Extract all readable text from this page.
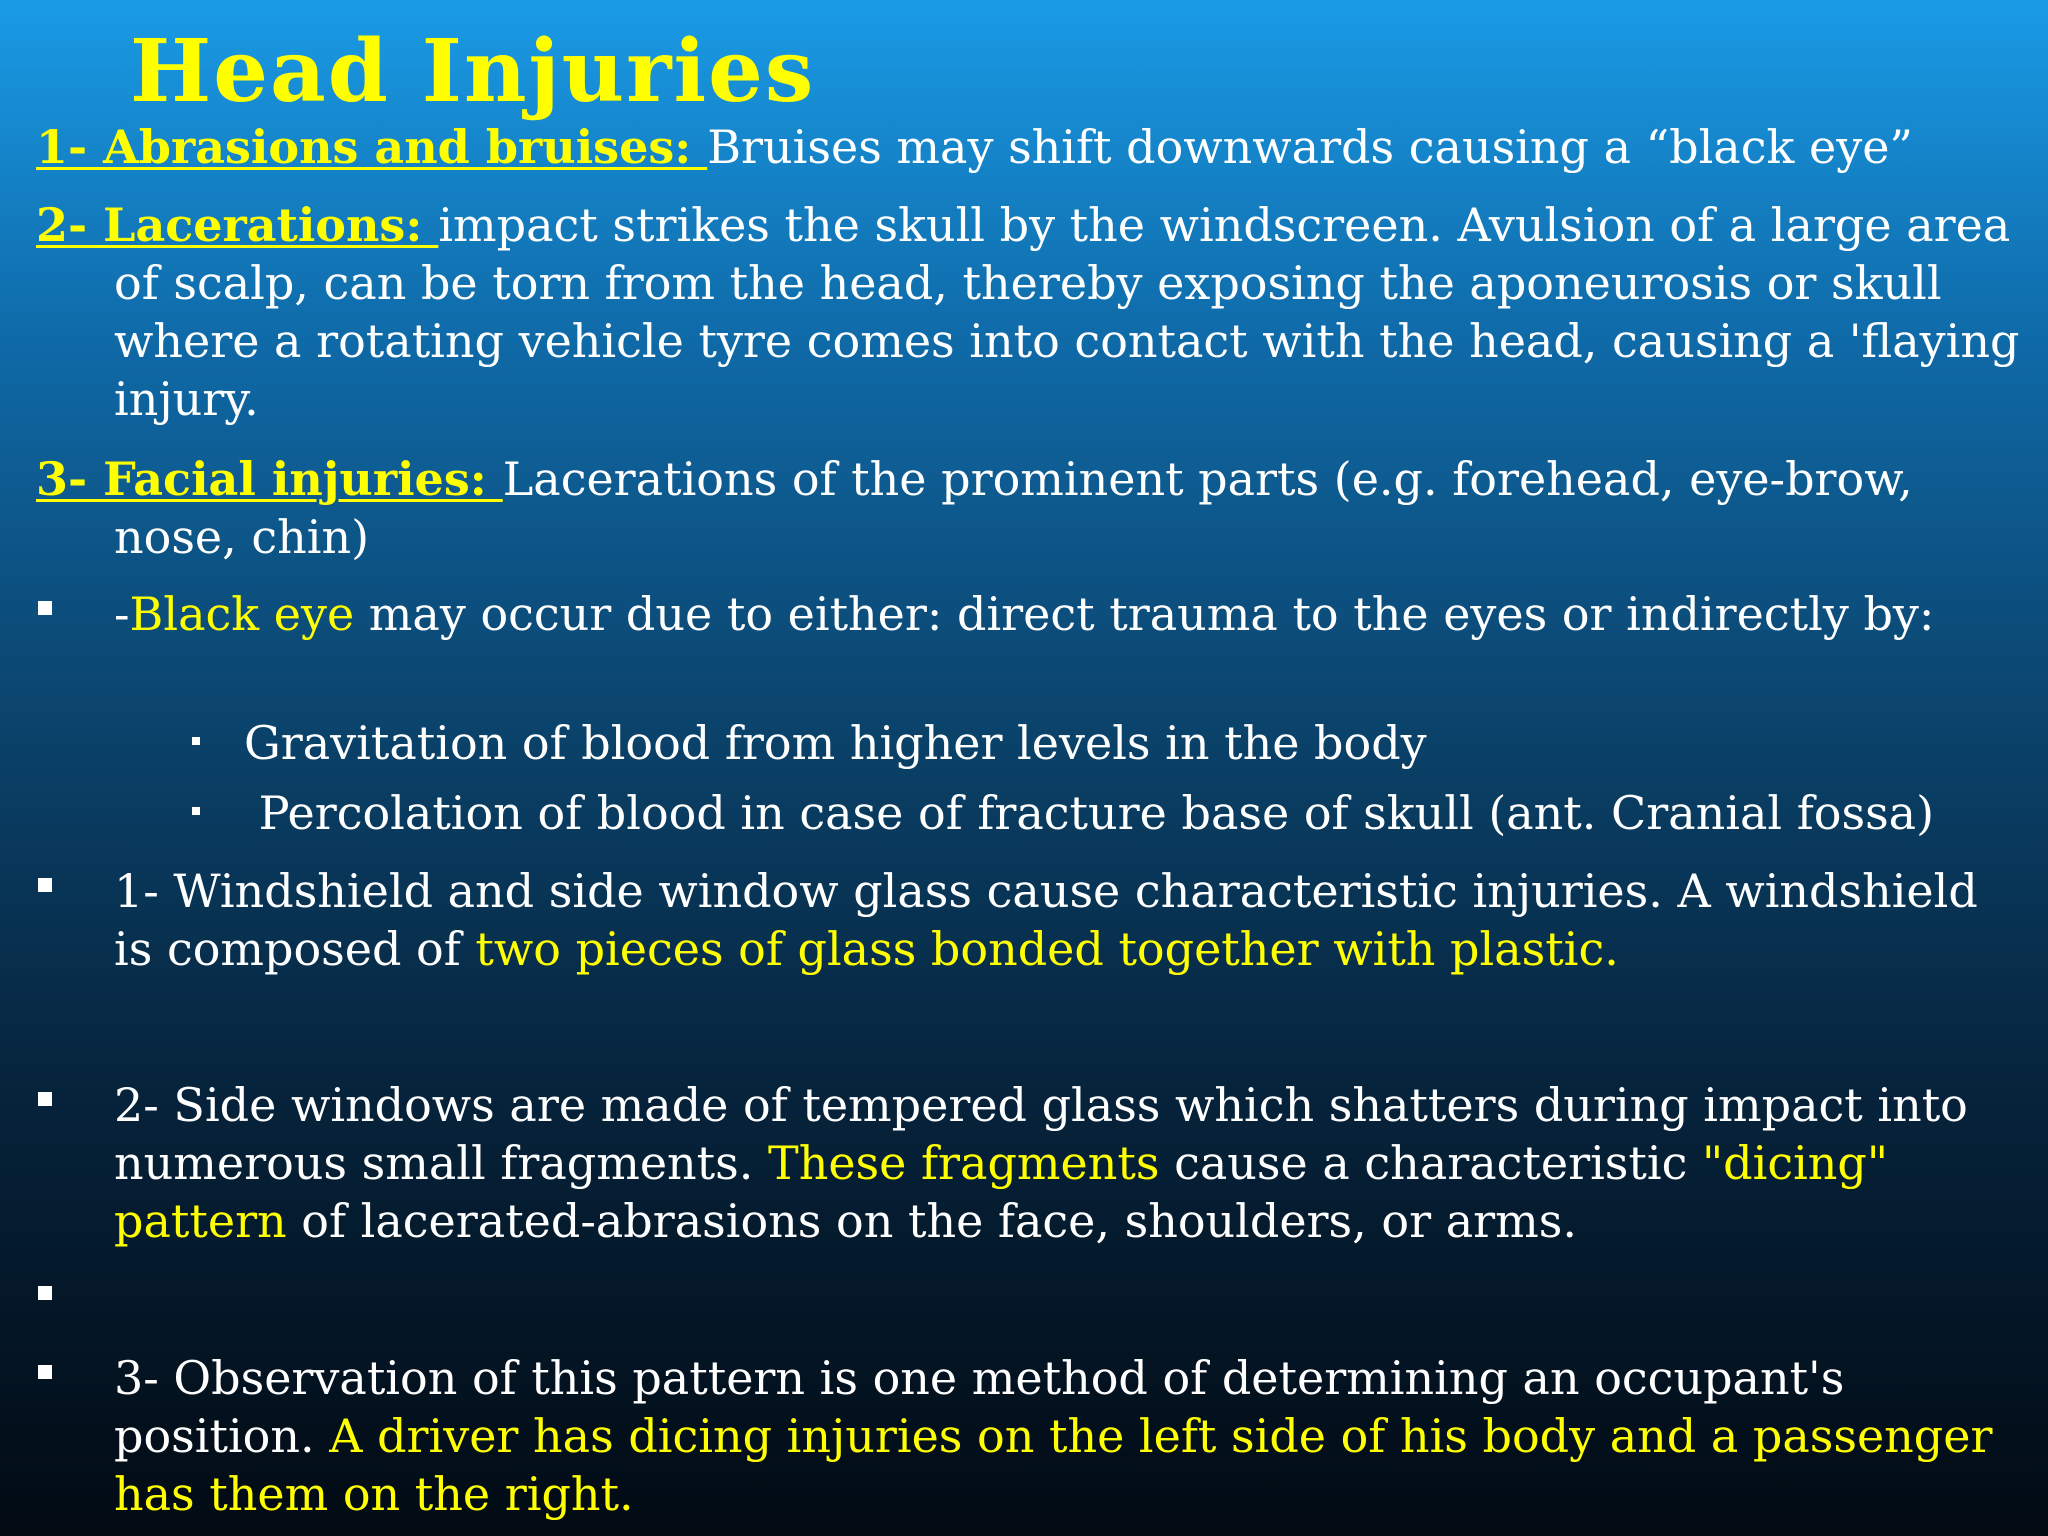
Head Injuries

1- Abrasions and bruises: Bruises may shift downwards causing a “black eye”

2- Lacerations: impact strikes the skull by the windscreen. Avulsion of a large area of scalp, can be torn from the head, thereby exposing the aponeurosis or skull where a rotating vehicle tyre comes into contact with the head, causing a 'flaying injury.

3- Facial injuries: Lacerations of the prominent parts (e.g. forehead, eye-brow, nose, chin)

-Black eye may occur due to either: direct trauma to the eyes or indirectly by:

Gravitation of blood from higher levels in the body

Percolation of blood in case of fracture base of skull (ant. Cranial fossa)

1- Windshield and side window glass cause characteristic injuries. A windshield is composed of two pieces of glass bonded together with plastic.

2- Side windows are made of tempered glass which shatters during impact into numerous small fragments. These fragments cause a characteristic "dicing" pattern of lacerated-abrasions on the face, shoulders, or arms.

3- Observation of this pattern is one method of determining an occupant's position. A driver has dicing injuries on the left side of his body and a passenger has them on the right.
